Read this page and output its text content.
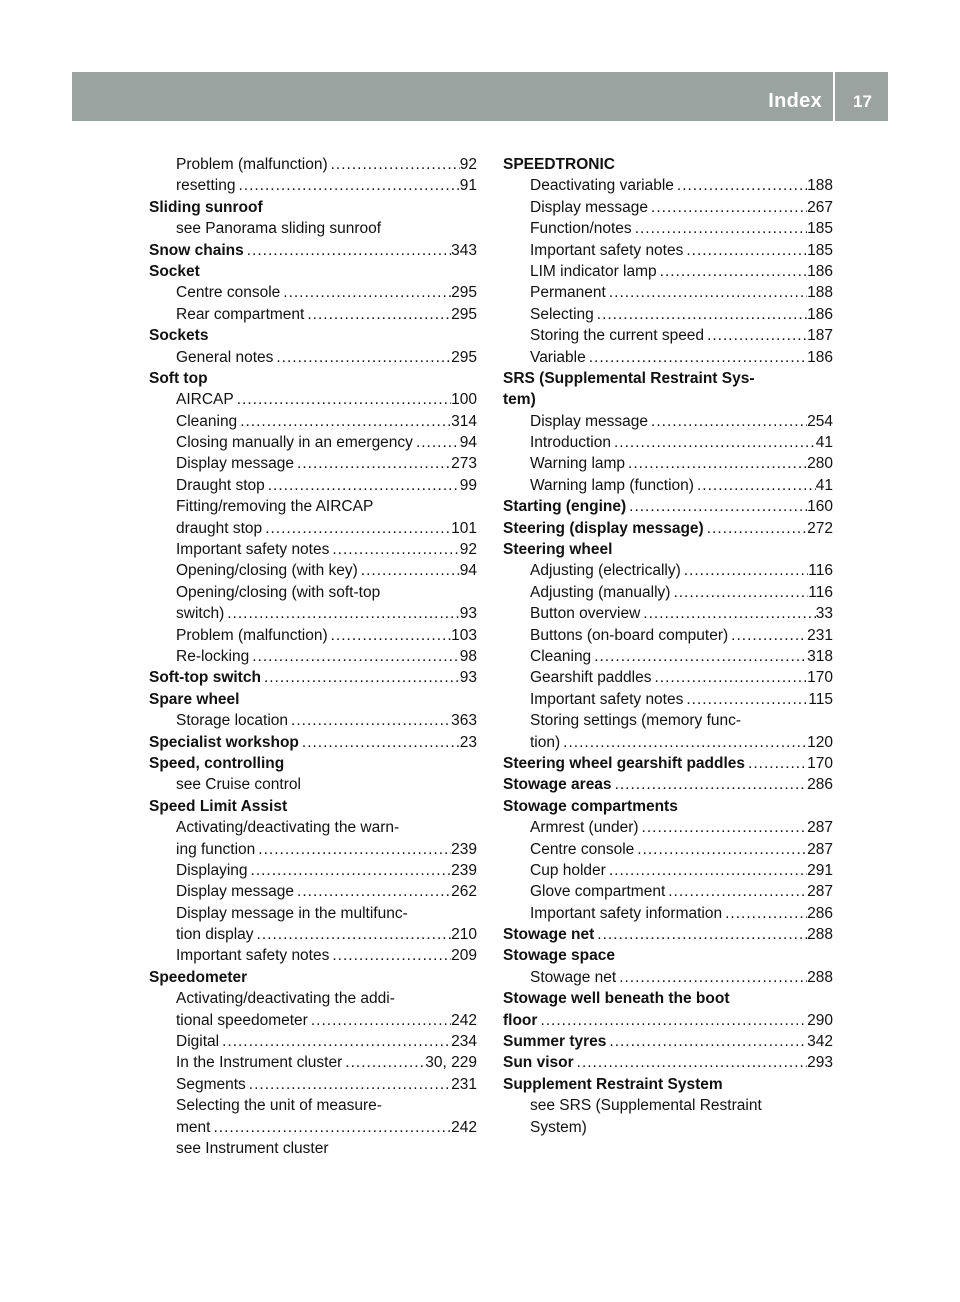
Index	17
Problem (malfunction) .....	92
resetting .....	91
Sliding sunroof
see Panorama sliding sunroof
Snow chains .....	343
Socket
Centre console .....	295
Rear compartment .....	295
Sockets
General notes .....	295
Soft top
AIRCAP .....	100
Cleaning .....	314
Closing manually in an emergency .....	94
Display message .....	273
Draught stop .....	99
Fitting/removing the AIRCAP
draught stop .....	101
Important safety notes .....	92
Opening/closing (with key) .....	94
Opening/closing (with soft-top
switch) .....	93
Problem (malfunction) .....	103
Re-locking .....	98
Soft-top switch .....	93
Spare wheel
Storage location .....	363
Specialist workshop .....	23
Speed, controlling
see Cruise control
Speed Limit Assist
Activating/deactivating the warn-
ing function .....	239
Displaying .....	239
Display message .....	262
Display message in the multifunc-
tion display .....	210
Important safety notes .....	209
Speedometer
Activating/deactivating the addi-
tional speedometer .....	242
Digital .....	234
In the Instrument cluster .....	30, 229
Segments .....	231
Selecting the unit of measure-
ment .....	242
see Instrument cluster
SPEEDTRONIC
Deactivating variable .....	188
Display message .....	267
Function/notes .....	185
Important safety notes .....	185
LIM indicator lamp .....	186
Permanent .....	188
Selecting .....	186
Storing the current speed .....	187
Variable .....	186
SRS (Supplemental Restraint Sys-
tem)
Display message .....	254
Introduction .....	41
Warning lamp .....	280
Warning lamp (function) .....	41
Starting (engine) .....	160
Steering (display message) .....	272
Steering wheel
Adjusting (electrically) .....	116
Adjusting (manually) .....	116
Button overview .....	33
Buttons (on-board computer) .....	231
Cleaning .....	318
Gearshift paddles .....	170
Important safety notes .....	115
Storing settings (memory func-
tion) .....	120
Steering wheel gearshift paddles .....	170
Stowage areas .....	286
Stowage compartments
Armrest (under) .....	287
Centre console .....	287
Cup holder .....	291
Glove compartment .....	287
Important safety information .....	286
Stowage net .....	288
Stowage space
Stowage net .....	288
Stowage well beneath the boot
floor .....	290
Summer tyres .....	342
Sun visor .....	293
Supplement Restraint System
see SRS (Supplemental Restraint
System)
